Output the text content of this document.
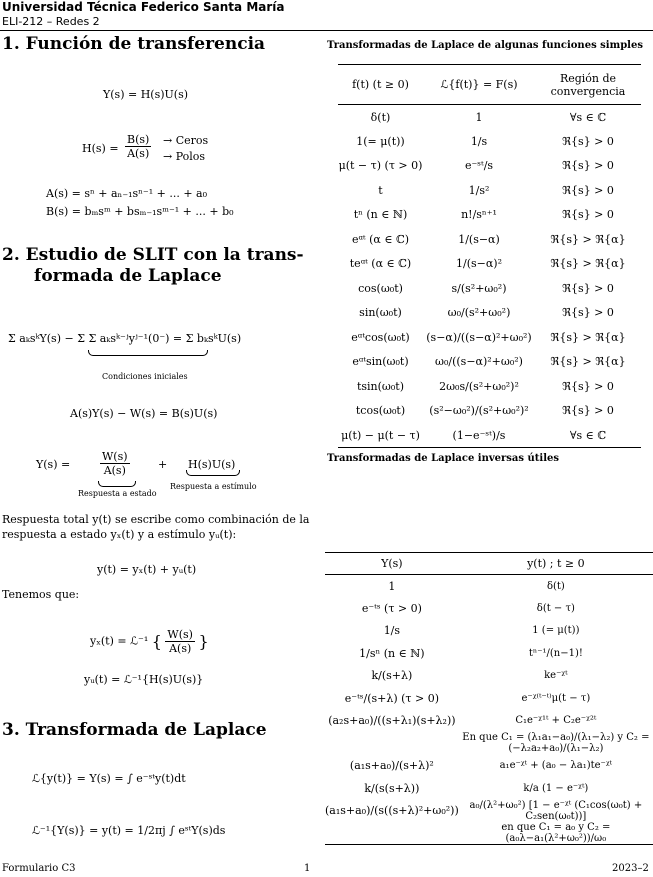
Universidad Técnica Federico Santa María
ELI-212 – Redes 2
1. Función de transferencia
Y(s) = H(s)U(s)
$H(s) = \frac{B(s)}{A(s)}$ → Ceros
→ Polos
A(s) = sⁿ + aₙ₋₁sⁿ⁻¹ + ... + a₀
B(s) = bₘsᵐ + bsₘ₋₁sᵐ⁻¹ + ... + b₀
2. Estudio de SLIT con la trans-
formada de Laplace
Σ aₖsᵏY(s) − Σ Σ aₖsᵏ⁻ʲyʲ⁻¹(0⁻) = Σ bₖsᵏU(s)
Condiciones iniciales
A(s)Y(s) − W(s) = B(s)U(s)
Y(s) =	$\frac{W(s)}{A(s)}$	+ H(s)U(s)
Respuesta a estado
Respuesta a estímulo
Respuesta total y(t) se escribe como combinación de la
respuesta a estado yₓ(t) y a estímulo yᵤ(t):
y(t) = yₓ(t) + yᵤ(t)
Tenemos que:
yₓ(t) = ℒ⁻¹ { $\frac{W(s)}{A(s)}$ }
yᵤ(t) = ℒ⁻¹{H(s)U(s)}
3. Transformada de Laplace
ℒ{y(t)} = Y(s) = ∫ e⁻ˢᵗy(t)dt
ℒ⁻¹{Y(s)} = y(t) = 1/2πj ∫ eˢᵗY(s)ds
Transformadas de Laplace de algunas funciones simples
f(t) (t ≥ 0)	ℒ{f(t)} = F(s)	Región de convergencia
δ(t)	1	∀s ∈ ℂ
1(= μ(t))	1/s	ℜ{s} > 0
μ(t − τ) (τ > 0)	e⁻ˢᵗ/s	ℜ{s} > 0
t	1/s²	ℜ{s} > 0
tⁿ (n ∈ ℕ)	n!/sⁿ⁺¹	ℜ{s} > 0
eᵅᵗ (α ∈ ℂ)	1/(s−α)	ℜ{s} > ℜ{α}
teᵅᵗ (α ∈ ℂ)	1/(s−α)²	ℜ{s} > ℜ{α}
cos(ω₀t)	s/(s²+ω₀²)	ℜ{s} > 0
sin(ω₀t)	ω₀/(s²+ω₀²)	ℜ{s} > 0
eᵅᵗcos(ω₀t)	(s−α)/((s−α)²+ω₀²)	ℜ{s} > ℜ{α}
eᵅᵗsin(ω₀t)	ω₀/((s−α)²+ω₀²)	ℜ{s} > ℜ{α}
tsin(ω₀t)	2ω₀s/(s²+ω₀²)²	ℜ{s} > 0
tcos(ω₀t)	(s²−ω₀²)/(s²+ω₀²)²	ℜ{s} > 0
μ(t) − μ(t − τ)	(1−e⁻ˢᵗ)/s	∀s ∈ ℂ
Transformadas de Laplace inversas útiles
Y(s)	y(t) ; t ≥ 0
1	δ(t)
e⁻ᵗˢ (τ > 0)	δ(t − τ)
1/s	1 (= μ(t))
1/sⁿ (n ∈ ℕ)	tⁿ⁻¹/(n−1)!
k/(s+λ)	ke⁻ᵡᵗ
e⁻ᵗˢ/(s+λ) (τ > 0)	e⁻ᵡ⁽ᵗ⁻ᵗ⁾μ(t − τ)
(a₂s+a₀)/((s+λ₁)(s+λ₂))	C₁e⁻ᵡ¹ᵗ + C₂e⁻ᵡ²ᵗ
	En que C₁ = (λ₁a₁−a₀)/(λ₁−λ₂) y C₂ = (−λ₂a₂+a₀)/(λ₁−λ₂)
(a₁s+a₀)/(s+λ)²	a₁e⁻ᵡᵗ + (a₀ − λa₁)te⁻ᵡᵗ
k/(s(s+λ))	k/a (1 − e⁻ᵡᵗ)
(a₁s+a₀)/(s((s+λ)²+ω₀²))	a₀/(λ²+ω₀²) [1 − e⁻ᵡᵗ (C₁cos(ω₀t) + C₂sen(ω₀t))]
	en que C₁ = a₀ y C₂ = (a₀λ−a₁(λ²+ω₀²))/ω₀
Formulario C3	1	2023–2
